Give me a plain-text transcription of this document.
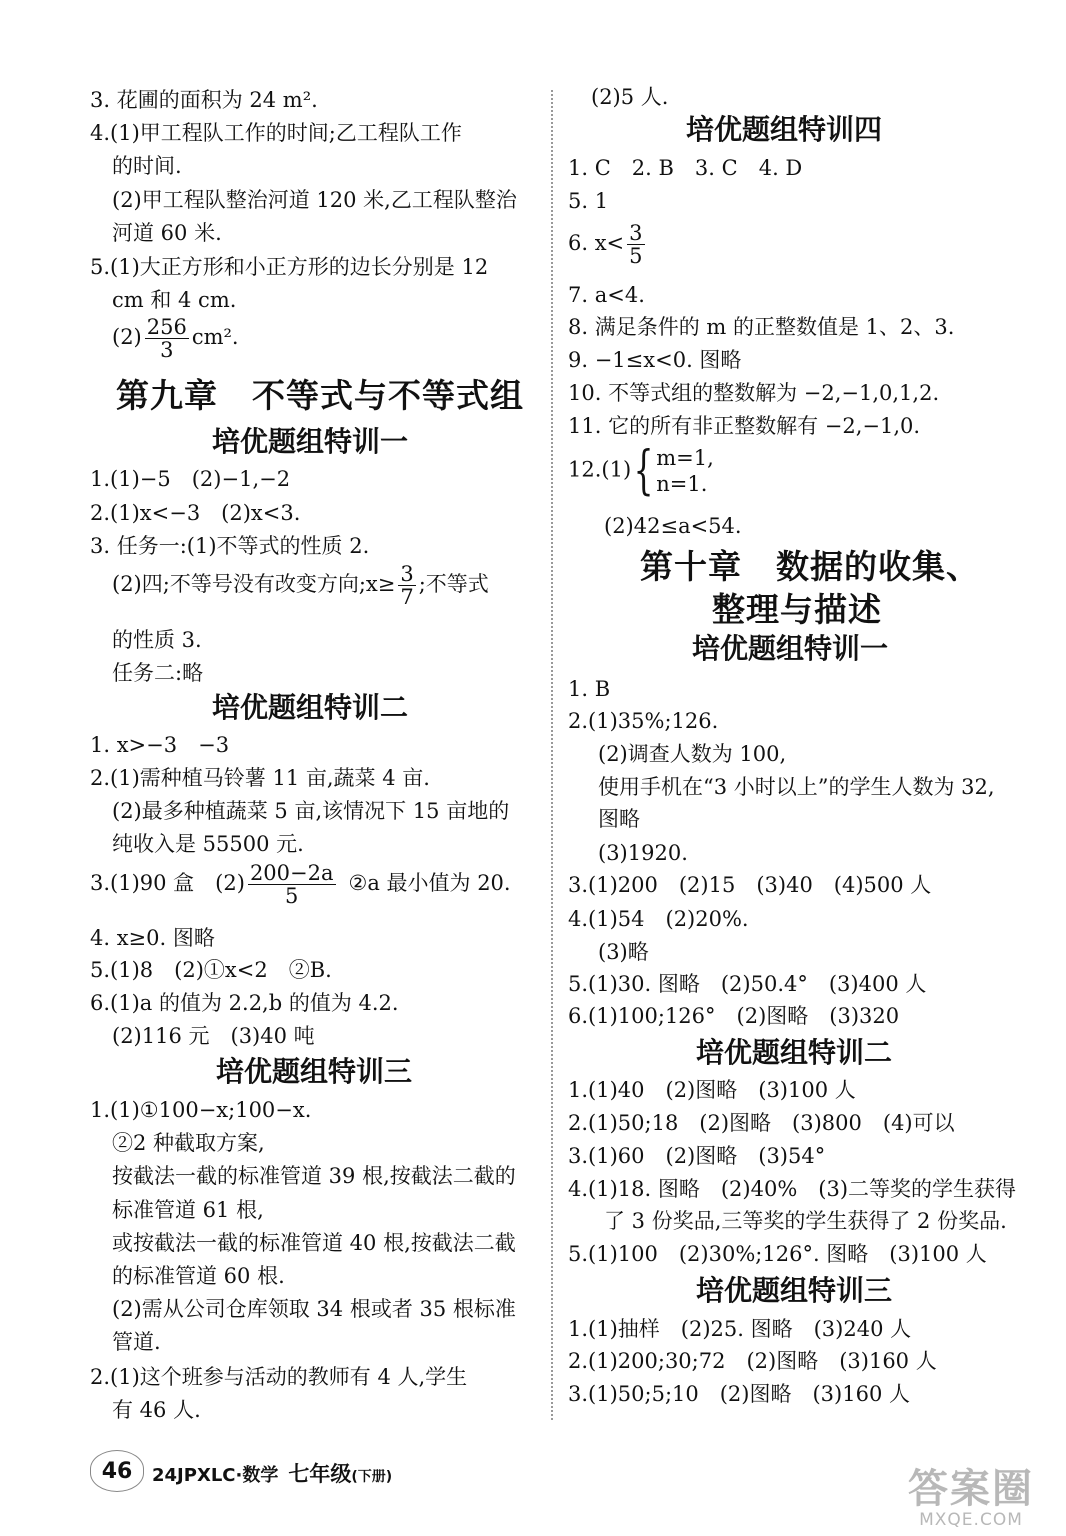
3. 花圃的面积为 24 m².
4.(1)甲工程队工作的时间;乙工程队工作
的时间.
(2)甲工程队整治河道 120 米,乙工程队整治
河道 60 米.
5.(1)大正方形和小正方形的边长分别是 12
cm 和 4 cm.
$(2) \frac{256}{3} cm^2$.
第九章　不等式与不等式组
培优题组特训一
1.(1)−5　(2)−1,−2
2.(1)x<−3　(2)x<3.
3. 任务一:(1)不等式的性质 2.
(2)四;不等号没有改变方向;x≥ $\frac{3}{7}$ ;不等式
的性质 3.
任务二:略
培优题组特训二
1. x>−3　−3
2.(1)需种植马铃薯 11 亩,蔬菜 4 亩.
(2)最多种植蔬菜 5 亩,该情况下 15 亩地的
纯收入是 55500 元.
3.(1)90 盒　$(2) \frac{200-2a}{5}$ ②a 最小值为 20.
4. x≥0. 图略
5.(1)8　(2)①x<2　②B.
6.(1)a 的值为 2.2,b 的值为 4.2.
(2)116 元　(3)40 吨
培优题组特训三
1.(1)①100−x;100−x.
②2 种截取方案,
按截法一截的标准管道 39 根,按截法二截的
标准管道 61 根,
或按截法一截的标准管道 40 根,按截法二截
的标准管道 60 根.
(2)需从公司仓库领取 34 根或者 35 根标准
管道.
2.(1)这个班参与活动的教师有 4 人,学生
有 46 人.
(2)5 人.
培优题组特训四
1. C　2. B　3. C　4. D
5. 1
6. $x< \frac{3}{5}$
7. a<4.
8. 满足条件的 m 的正整数值是 1、2、3.
9. −1≤x<0. 图略
10. 不等式组的整数解为 −2,−1,0,1,2.
11. 它的所有非正整数解有 −2,−1,0.
12.(1){ m=1,
n=1.
(2)42≤a<54.
第十章　数据的收集、
整理与描述
培优题组特训一
1. B
2.(1)35%;126.
(2)调查人数为 100,
使用手机在“3 小时以上”的学生人数为 32,
图略
(3)1920.
3.(1)200　(2)15　(3)40　(4)500 人
4.(1)54　(2)20%.
(3)略
5.(1)30. 图略　(2)50.4°　(3)400 人
6.(1)100;126°　(2)图略　(3)320
培优题组特训二
1.(1)40　(2)图略　(3)100 人
2.(1)50;18　(2)图略　(3)800　(4)可以
3.(1)60　(2)图略　(3)54°
4.(1)18. 图略　(2)40%　(3)二等奖的学生获得
了 3 份奖品,三等奖的学生获得了 2 份奖品.
5.(1)100　(2)30%;126°. 图略　(3)100 人
培优题组特训三
1.(1)抽样　(2)25. 图略　(3)240 人
2.(1)200;30;72　(2)图略　(3)160 人
3.(1)50;5;10　(2)图略　(3)160 人
46 24JPXLC·数学 七年级(下册)	答案圈
MXQE.COM
